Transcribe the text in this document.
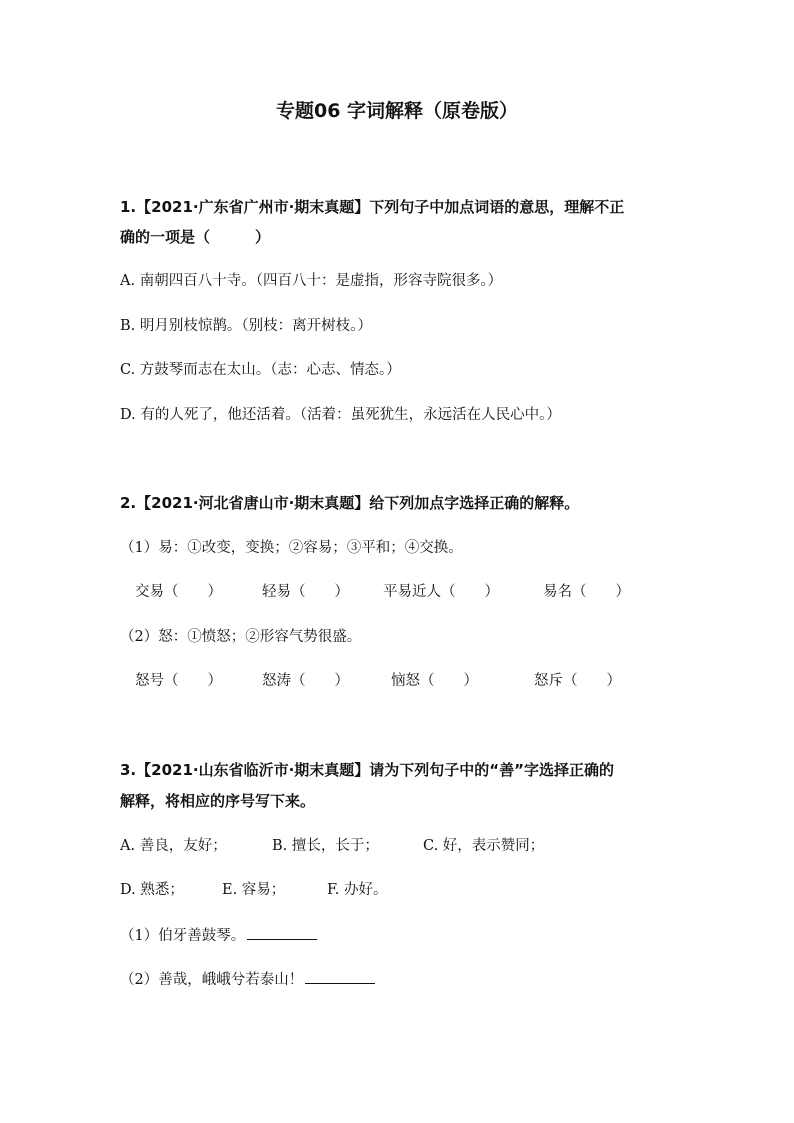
专题06 字词解释（原卷版）
1.【2021·广东省广州市·期末真题】下列句子中加点词语的意思，理解不正
确的一项是（　　　）
A. 南朝四百八十寺。（四百八十：是虚指，形容寺院很多。）
B. 明月别枝惊鹊。（别枝：离开树枝。）
C. 方鼓琴而志在太山。（志：心志、情态。）
D. 有的人死了，他还活着。（活着：虽死犹生，永远活在人民心中。）
2.【2021·河北省唐山市·期末真题】给下列加点字选择正确的解释。
（1）易：①改变，变换；②容易；③平和；④交换。
交易（　　）	轻易（　　） 平易近人（　　）	易名（　　）
（2）怒：①愤怒；②形容气势很盛。
怒号（　　）	怒涛（　　）	恼怒（　　）	怒斥（　　）
3.【2021·山东省临沂市·期末真题】请为下列句子中的“善”字选择正确的
解释，将相应的序号写下来。
A. 善良，友好；	B. 擅长，长于；	C. 好，表示赞同；
D. 熟悉；	E. 容易；	F. 办好。
（1）伯牙善鼓琴。
（2）善哉，峨峨兮若泰山！
